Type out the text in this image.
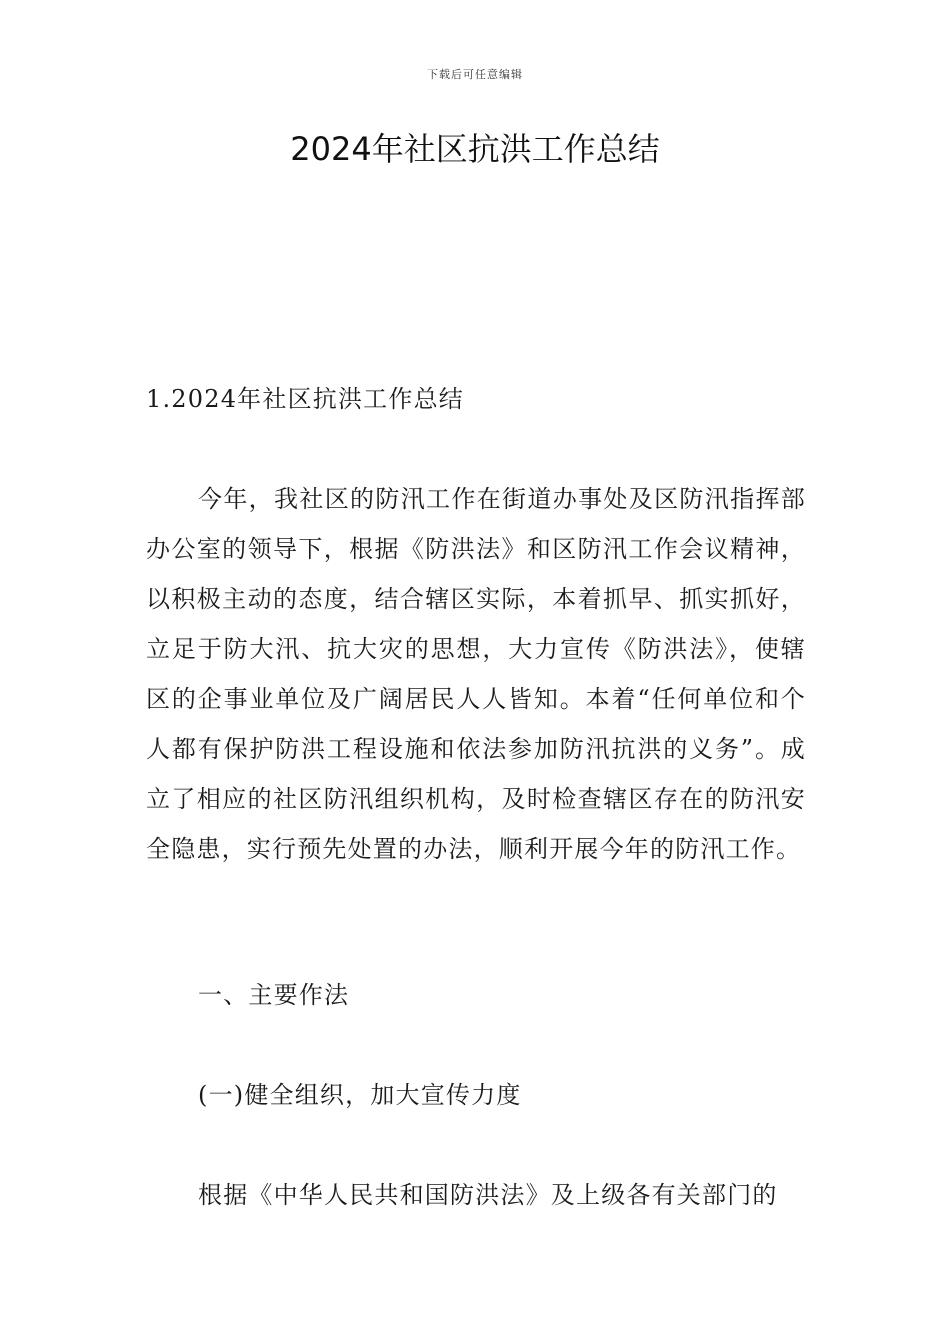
下载后可任意编辑
2024年社区抗洪工作总结
1.2024年社区抗洪工作总结
今年，我社区的防汛工作在街道办事处及区防汛指挥部办公室的领导下，根据《防洪法》和区防汛工作会议精神，以积极主动的态度，结合辖区实际，本着抓早、抓实抓好，立足于防大汛、抗大灾的思想，大力宣传《防洪法》，使辖区的企事业单位及广阔居民人人皆知。本着“任何单位和个人都有保护防洪工程设施和依法参加防汛抗洪的义务”。成立了相应的社区防汛组织机构，及时检查辖区存在的防汛安全隐患，实行预先处置的办法，顺利开展今年的防汛工作。
一、主要作法
(一)健全组织，加大宣传力度
根据《中华人民共和国防洪法》及上级各有关部门的
